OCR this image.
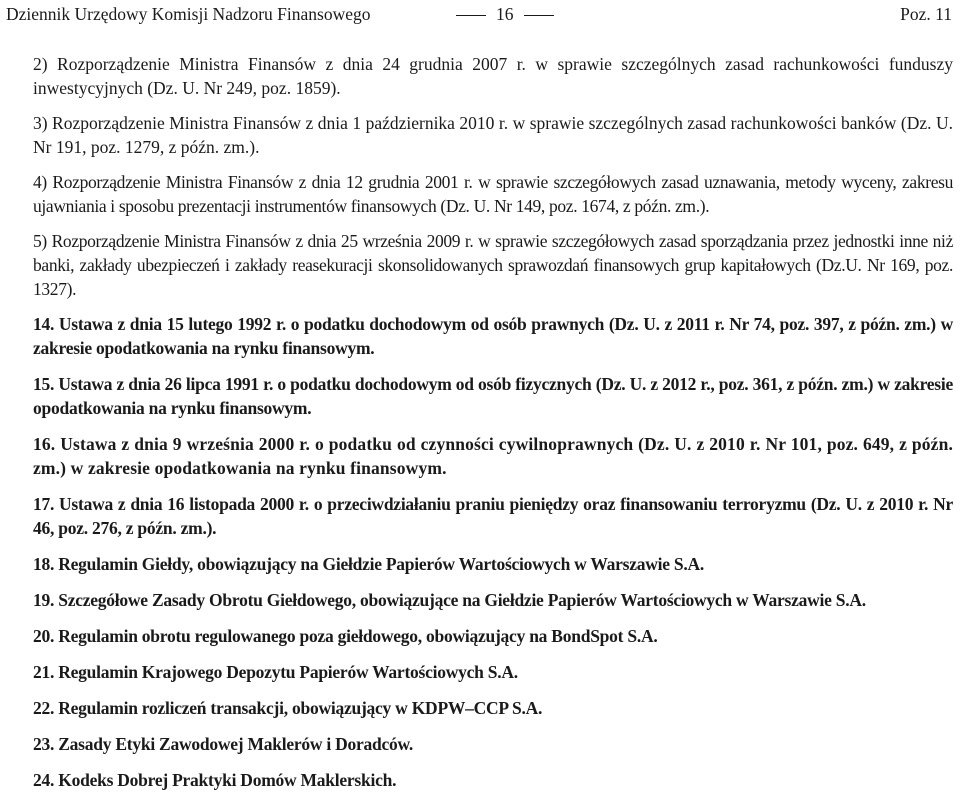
Dziennik Urzędowy Komisji Nadzoru Finansowego	16	Poz. 11

2) Rozporządzenie Ministra Finansów z dnia 24 grudnia 2007 r. w sprawie szczególnych zasad rachunkowości funduszy inwestycyjnych (Dz. U. Nr 249, poz. 1859).

3) Rozporządzenie Ministra Finansów z dnia 1 października 2010 r. w sprawie szczególnych zasad rachunkowości banków (Dz. U. Nr 191, poz. 1279, z późn. zm.).

4) Rozporządzenie Ministra Finansów z dnia 12 grudnia 2001 r. w sprawie szczegółowych zasad uznawania, metody wyceny, zakresu ujawniania i sposobu prezentacji instrumentów finansowych (Dz. U. Nr 149, poz. 1674, z późn. zm.).

5) Rozporządzenie Ministra Finansów z dnia 25 września 2009 r. w sprawie szczegółowych zasad sporządzania przez jednostki inne niż banki, zakłady ubezpieczeń i zakłady reasekuracji skonsolidowanych sprawozdań finansowych grup kapitałowych (Dz.U. Nr 169, poz. 1327).

14. Ustawa z dnia 15 lutego 1992 r. o podatku dochodowym od osób prawnych (Dz. U. z 2011 r. Nr 74, poz. 397, z późn. zm.) w zakresie opodatkowania na rynku finansowym.

15. Ustawa z dnia 26 lipca 1991 r. o podatku dochodowym od osób fizycznych (Dz. U. z 2012 r., poz. 361, z późn. zm.) w zakresie opodatkowania na rynku finansowym.

16. Ustawa z dnia 9 września 2000 r. o podatku od czynności cywilnoprawnych (Dz. U. z 2010 r. Nr 101, poz. 649, z późn. zm.) w zakresie opodatkowania na rynku finansowym.

17. Ustawa z dnia 16 listopada 2000 r. o przeciwdziałaniu praniu pieniędzy oraz finansowaniu terroryzmu (Dz. U. z 2010 r. Nr 46, poz. 276, z późn. zm.).

18. Regulamin Giełdy, obowiązujący na Giełdzie Papierów Wartościowych w Warszawie S.A.

19. Szczegółowe Zasady Obrotu Giełdowego, obowiązujące na Giełdzie Papierów Wartościowych w Warszawie S.A.

20. Regulamin obrotu regulowanego poza giełdowego, obowiązujący na BondSpot S.A.

21. Regulamin Krajowego Depozytu Papierów Wartościowych S.A.

22. Regulamin rozliczeń transakcji, obowiązujący w KDPW–CCP S.A.

23. Zasady Etyki Zawodowej Maklerów i Doradców.

24. Kodeks Dobrej Praktyki Domów Maklerskich.
